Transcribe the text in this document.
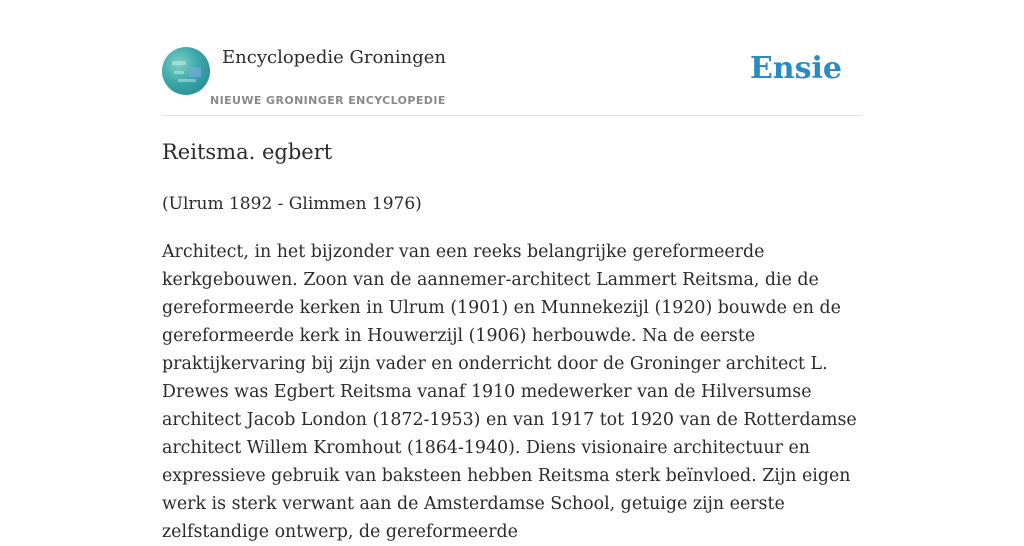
Encyclopedie Groningen
NIEUWE GRONINGER ENCYCLOPEDIE
Ensie
Reitsma. egbert

(Ulrum 1892 - Glimmen 1976)

Architect, in het bijzonder van een reeks belangrijke gereformeerde kerkgebouwen. Zoon van de aannemer-architect Lammert Reitsma, die de gereformeerde kerken in Ulrum (1901) en Munnekezijl (1920) bouwde en de gereformeerde kerk in Houwerzijl (1906) herbouwde. Na de eerste praktijkervaring bij zijn vader en onderricht door de Groninger architect L. Drewes was Egbert Reitsma vanaf 1910 medewerker van de Hilversumse architect Jacob London (1872-1953) en van 1917 tot 1920 van de Rotterdamse architect Willem Kromhout (1864-1940). Diens visionaire architectuur en expressieve gebruik van baksteen hebben Reitsma sterk beïnvloed. Zijn eigen werk is sterk verwant aan de Amsterdamse School, getuige zijn eerste zelfstandige ontwerp, de gereformeerde
